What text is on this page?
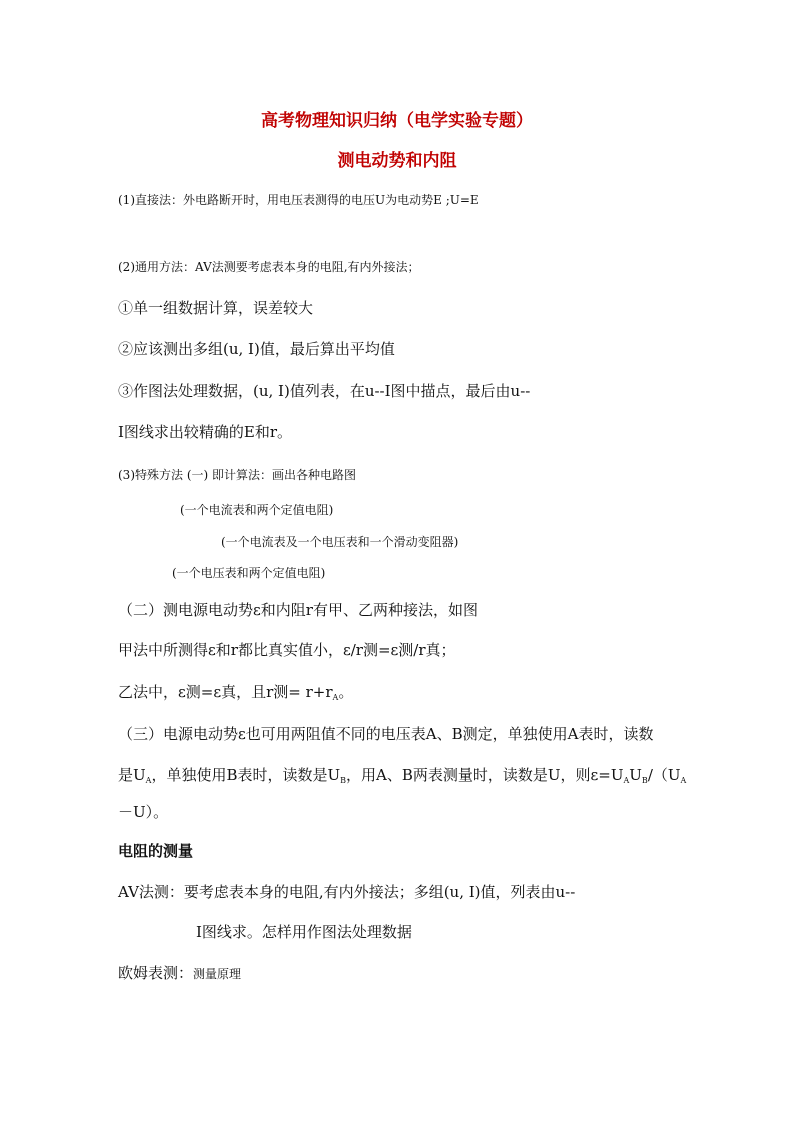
高考物理知识归纳（电学实验专题）
测电动势和内阻
(1)直接法：外电路断开时，用电压表测得的电压U为电动势E ;U=E
(2)通用方法：AV法测要考虑表本身的电阻,有内外接法；
①单一组数据计算，误差较大
②应该测出多组(u, I)值，最后算出平均值
③作图法处理数据，(u, I)值列表，在u--I图中描点，最后由u--
I图线求出较精确的E和r。
(3)特殊方法 (一) 即计算法：画出各种电路图
(一个电流表和两个定值电阻)
(一个电流表及一个电压表和一个滑动变阻器)
(一个电压表和两个定值电阻)
（二）测电源电动势ε和内阻r有甲、乙两种接法，如图
甲法中所测得ε和r都比真实值小，ε/r测=ε测/r真；
乙法中，ε测=ε真，且r测= $r+r_A$。
（三）电源电动势ε也可用两阻值不同的电压表A、B测定，单独使用A表时，读数
是$U_A$，单独使用B表时，读数是$U_B$，用A、B两表测量时，读数是U，则$\varepsilon=U_AU_B/(U_A$
－U）。
电阻的测量
AV法测：要考虑表本身的电阻,有内外接法；多组(u, I)值，列表由u--
I图线求。怎样用作图法处理数据
欧姆表测：测量原理
